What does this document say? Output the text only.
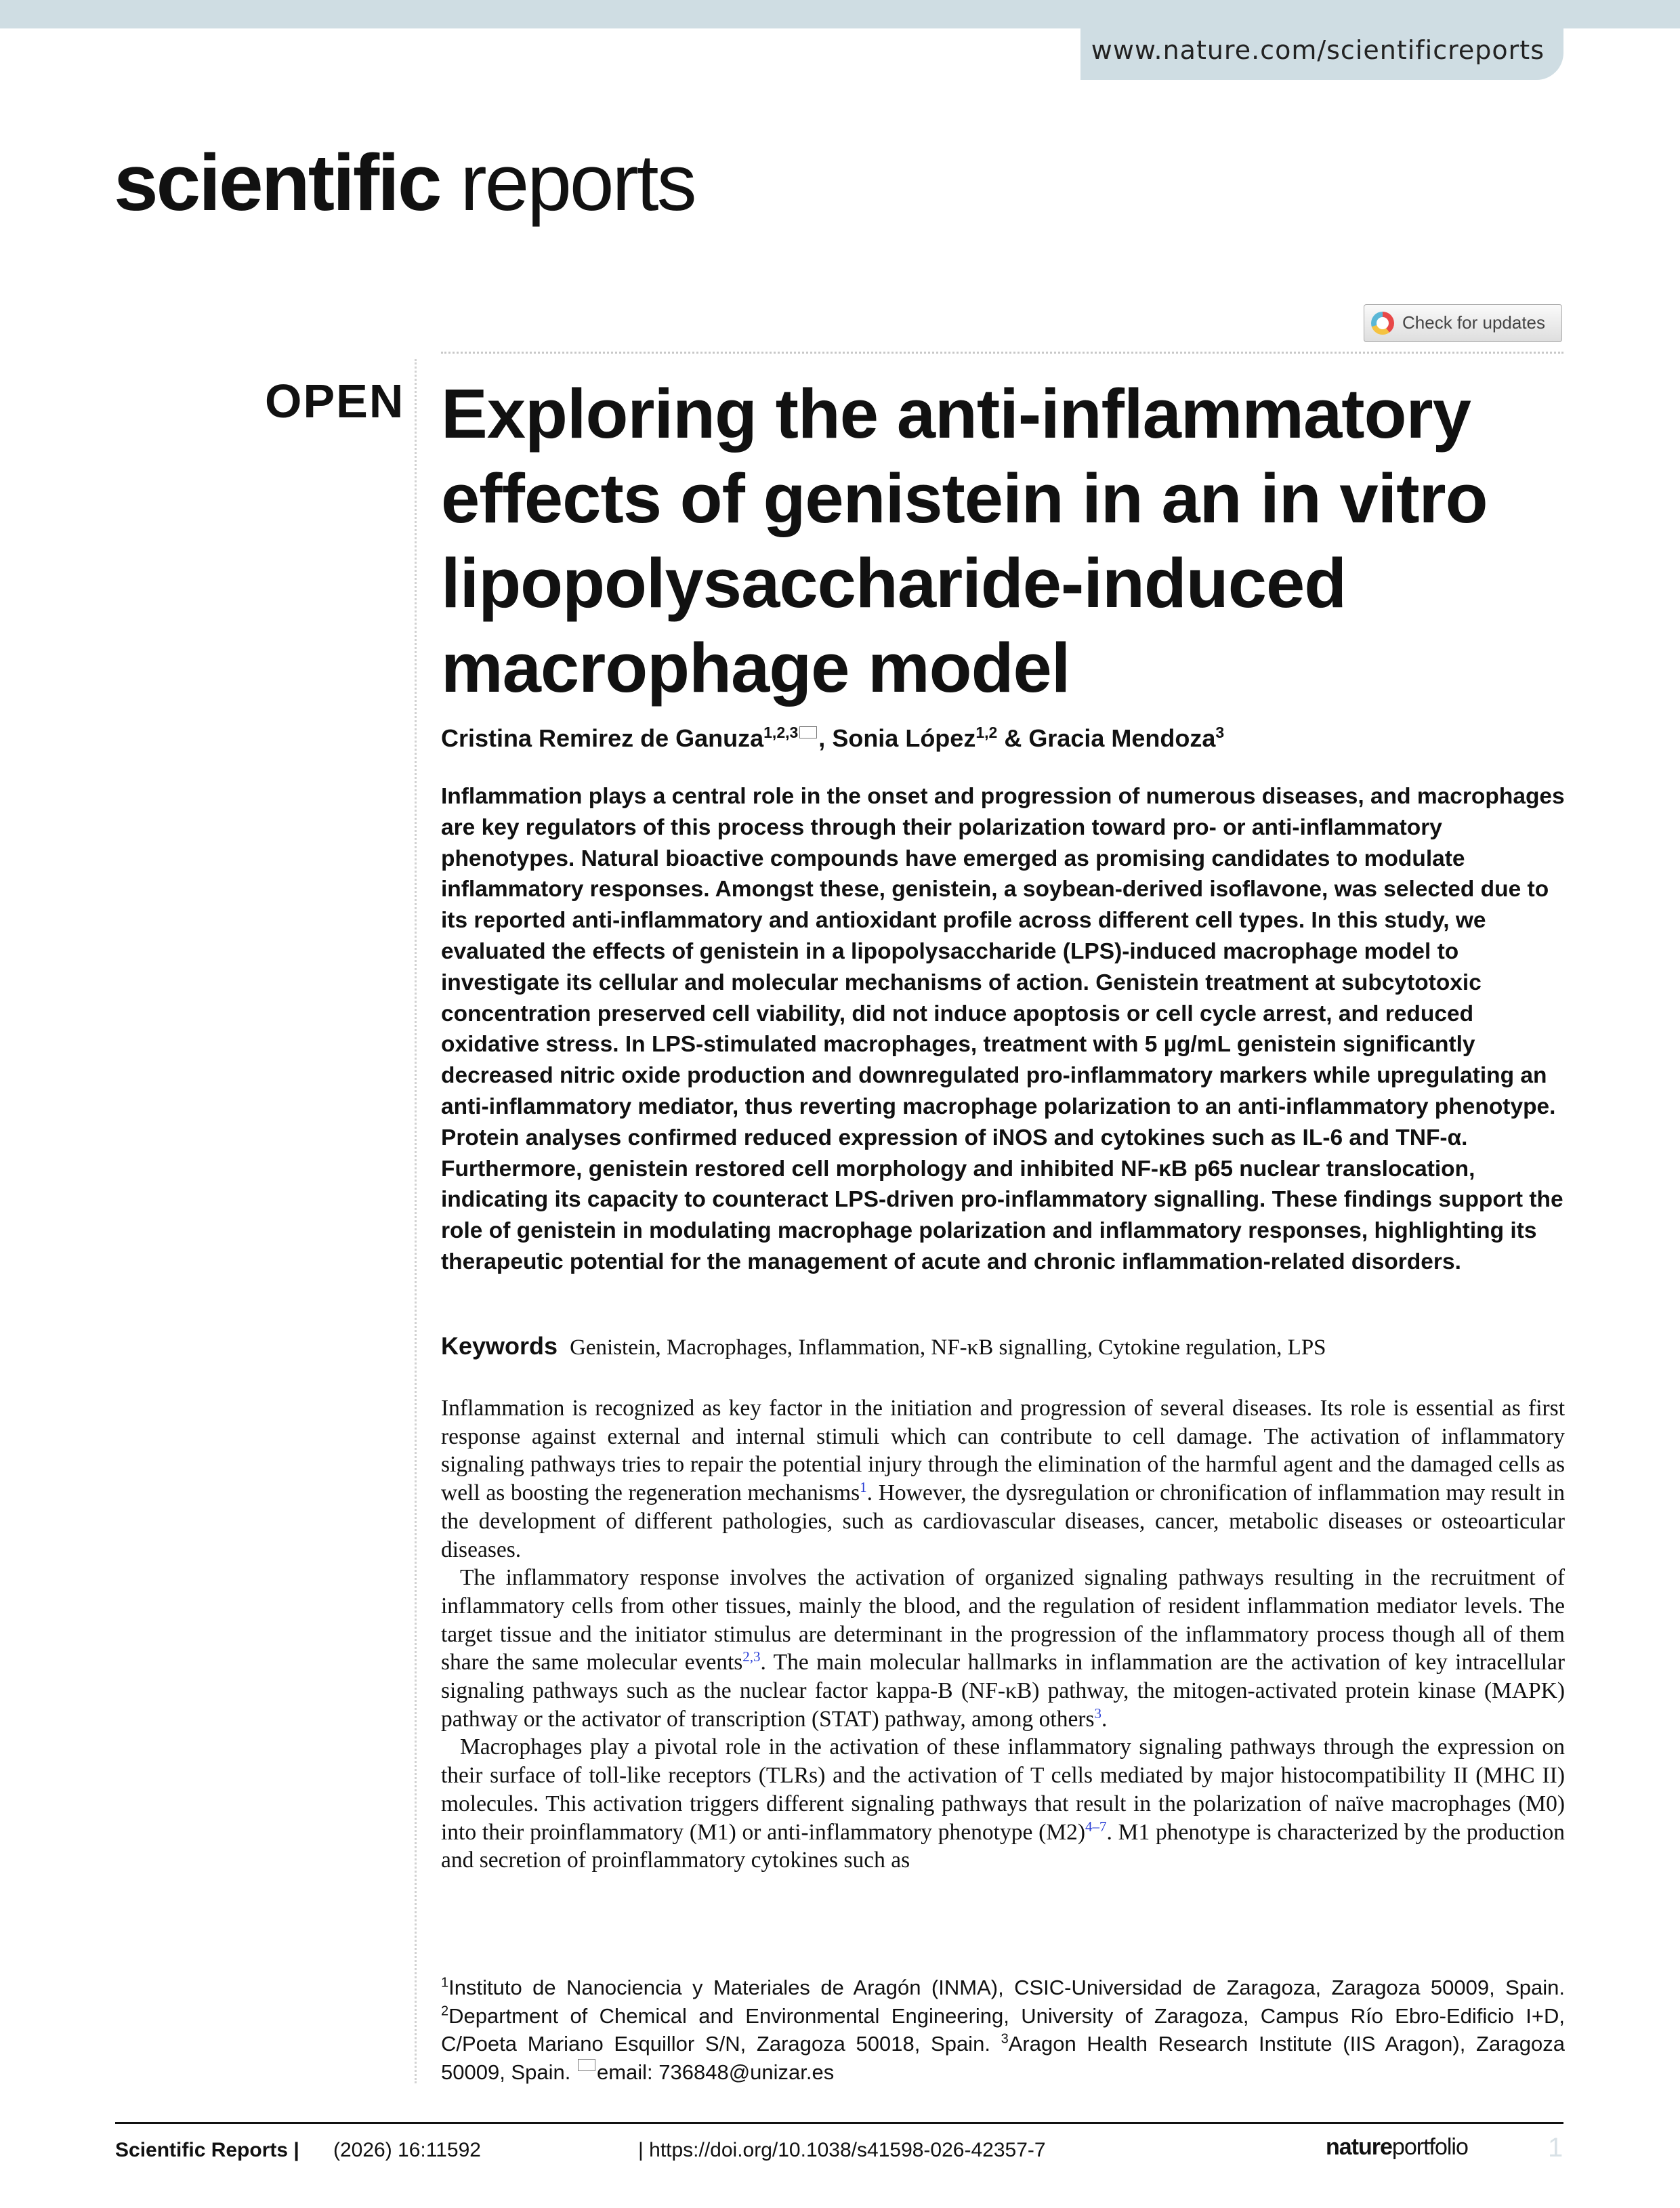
www.nature.com/scientificreports
scientific reports
Check for updates
OPEN Exploring the anti-inflammatory effects of genistein in an in vitro lipopolysaccharide-induced macrophage model
Cristina Remirez de Ganuza$^{1,2,3}$ , Sonia López$^{1,2}$ & Gracia Mendoza$^3$
Inflammation plays a central role in the onset and progression of numerous diseases, and macrophages are key regulators of this process through their polarization toward pro- or anti-inflammatory phenotypes. Natural bioactive compounds have emerged as promising candidates to modulate inflammatory responses. Amongst these, genistein, a soybean-derived isoflavone, was selected due to its reported anti-inflammatory and antioxidant profile across different cell types. In this study, we evaluated the effects of genistein in a lipopolysaccharide (LPS)-induced macrophage model to investigate its cellular and molecular mechanisms of action. Genistein treatment at subcytotoxic concentration preserved cell viability, did not induce apoptosis or cell cycle arrest, and reduced oxidative stress. In LPS-stimulated macrophages, treatment with 5 µg/mL genistein significantly decreased nitric oxide production and downregulated pro-inflammatory markers while upregulating an anti-inflammatory mediator, thus reverting macrophage polarization to an anti-inflammatory phenotype. Protein analyses confirmed reduced expression of iNOS and cytokines such as IL-6 and TNF-α. Furthermore, genistein restored cell morphology and inhibited NF-κB p65 nuclear translocation, indicating its capacity to counteract LPS-driven pro-inflammatory signalling. These findings support the role of genistein in modulating macrophage polarization and inflammatory responses, highlighting its therapeutic potential for the management of acute and chronic inflammation-related disorders.
Keywords Genistein, Macrophages, Inflammation, NF-κB signalling, Cytokine regulation, LPS

Inflammation is recognized as key factor in the initiation and progression of several diseases. Its role is essential as first response against external and internal stimuli which can contribute to cell damage. The activation of inflammatory signaling pathways tries to repair the potential injury through the elimination of the harmful agent and the damaged cells as well as boosting the regeneration mechanisms$^1$. However, the dysregulation or chronification of inflammation may result in the development of different pathologies, such as cardiovascular diseases, cancer, metabolic diseases or osteoarticular diseases.

The inflammatory response involves the activation of organized signaling pathways resulting in the recruitment of inflammatory cells from other tissues, mainly the blood, and the regulation of resident inflammation mediator levels. The target tissue and the initiator stimulus are determinant in the progression of the inflammatory process though all of them share the same molecular events$^{2,3}$. The main molecular hallmarks in inflammation are the activation of key intracellular signaling pathways such as the nuclear factor kappa-B (NF-κB) pathway, the mitogen-activated protein kinase (MAPK) pathway or the activator of transcription (STAT) pathway, among others$^3$.

Macrophages play a pivotal role in the activation of these inflammatory signaling pathways through the expression on their surface of toll-like receptors (TLRs) and the activation of T cells mediated by major histocompatibility II (MHC II) molecules. This activation triggers different signaling pathways that result in the polarization of naïve macrophages (M0) into their proinflammatory (M1) or anti-inflammatory phenotype $(M2)^{4-7}$. M1 phenotype is characterized by the production and secretion of proinflammatory cytokines such as

$^1$Instituto de Nanociencia y Materiales de Aragón (INMA), CSIC-Universidad de Zaragoza, Zaragoza 50009, Spain. $^2$Department of Chemical and Environmental Engineering, University of Zaragoza, Campus Río Ebro-Edificio I+D, C/Poeta Mariano Esquillor S/N, Zaragoza 50018, Spain. $^3$Aragon Health Research Institute (IIS Aragon), Zaragoza 50009, Spain. email: 736848@unizar.es
Scientific Reports | (2026) 16:11592	| https://doi.org/10.1038/s41598-026-42357-7	natureportfolio	1
